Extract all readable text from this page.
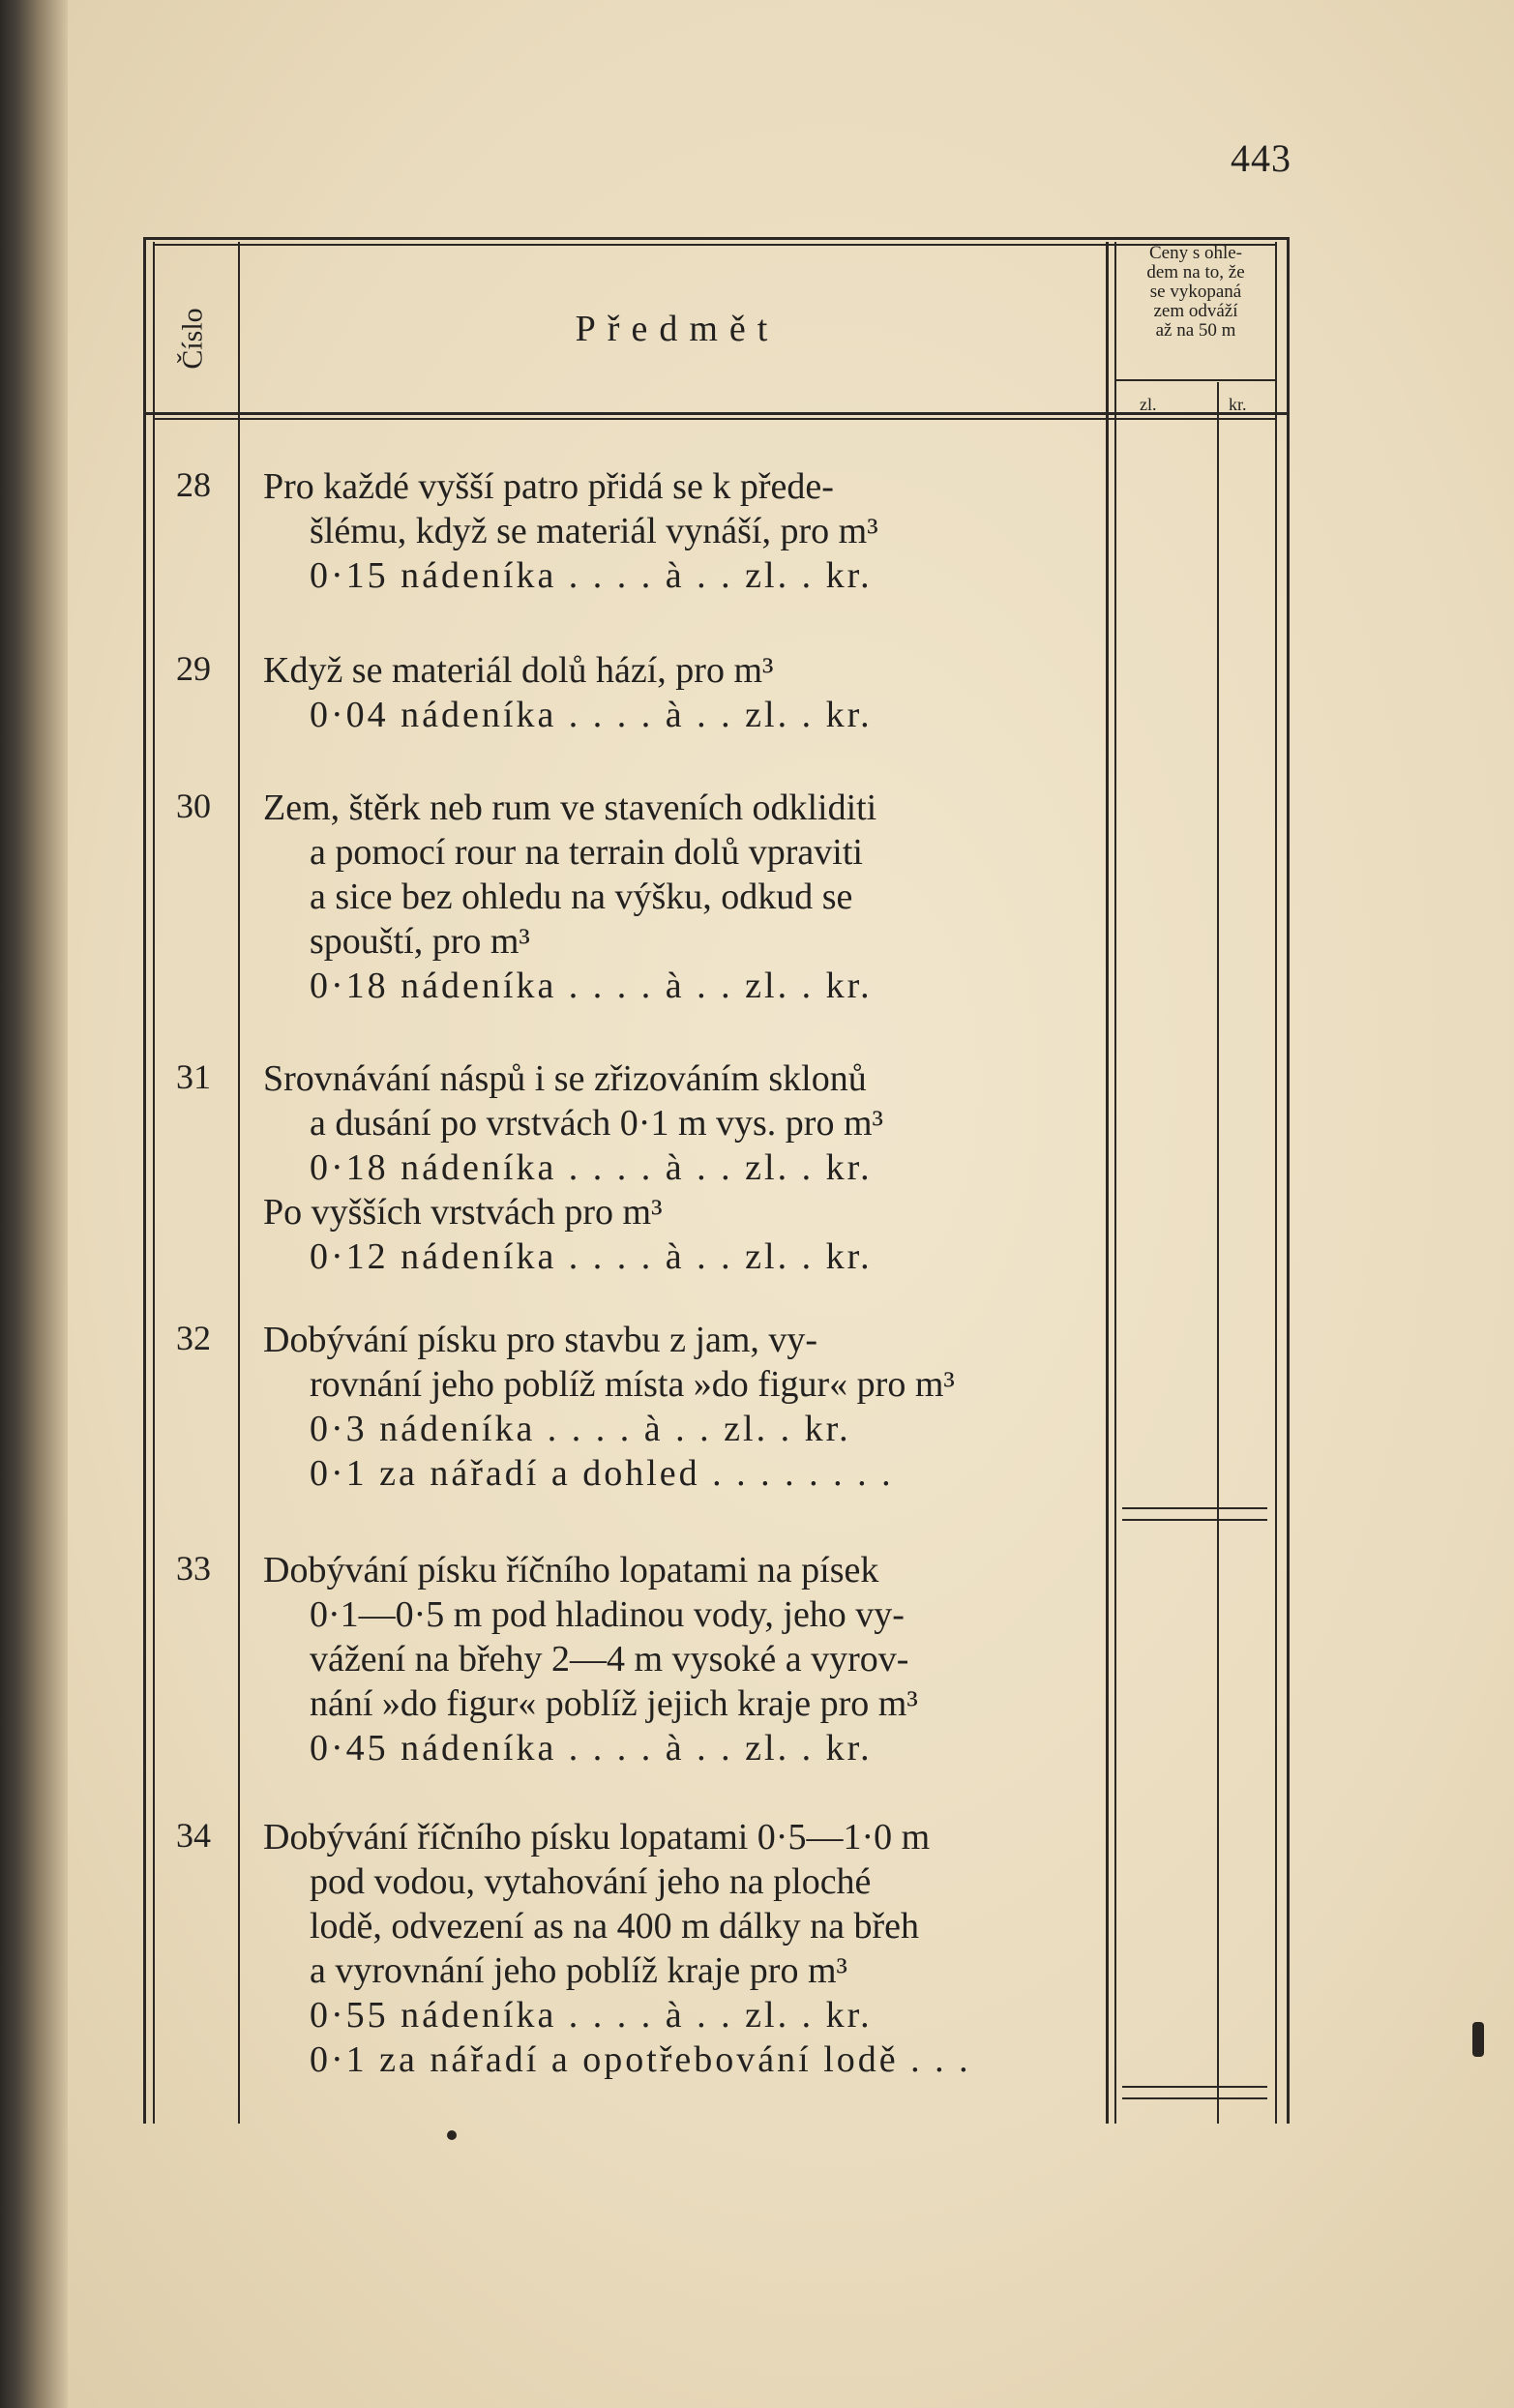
443
Číslo	Předmět
Ceny s ohle-
dem na to, že
se vykopaná
zem odváží
až na 50 m
zl.	kr.
28	Pro každé vyšší patro přidá se k přede-
šlému, když se materiál vynáší, pro m³
0·15 nádeníka . . . . à . . zl. . kr.
29	Když se materiál dolů hází, pro m³
0·04 nádeníka . . . . à . . zl. . kr.
30	Zem, štěrk neb rum ve staveních odkliditi
a pomocí rour na terrain dolů vpraviti
a sice bez ohledu na výšku, odkud se
spouští, pro m³
0·18 nádeníka . . . . à . . zl. . kr.
31	Srovnávání náspů i se zřizováním sklonů
a dusání po vrstvách 0·1 m vys. pro m³
0·18 nádeníka . . . . à . . zl. . kr.
Po vyšších vrstvách pro m³
0·12 nádeníka . . . . à . . zl. . kr.
32	Dobývání písku pro stavbu z jam, vy-
rovnání jeho poblíž místa »do figur« pro m³
0·3 nádeníka . . . . à . . zl. . kr.
0·1 za nářadí a dohled . . . . . . . .
33	Dobývání písku říčního lopatami na písek
0·1—0·5 m pod hladinou vody, jeho vy-
vážení na břehy 2—4 m vysoké a vyrov-
nání »do figur« poblíž jejich kraje pro m³
0·45 nádeníka . . . . à . . zl. . kr.
34	Dobývání říčního písku lopatami 0·5—1·0 m
pod vodou, vytahování jeho na ploché
lodě, odvezení as na 400 m dálky na břeh
a vyrovnání jeho poblíž kraje pro m³
0·55 nádeníka . . . . à . . zl. . kr.
0·1 za nářadí a opotřebování lodě . . .
